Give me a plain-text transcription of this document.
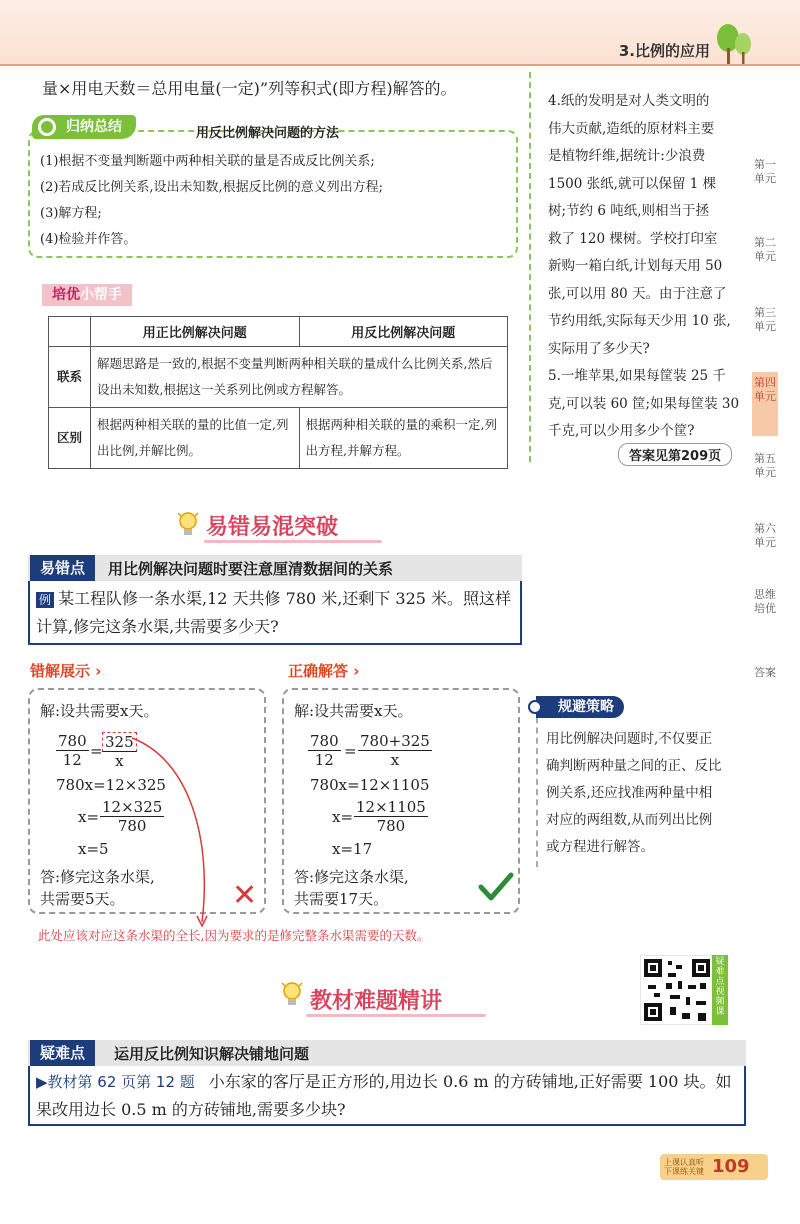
3.比例的应用
量×用电天数＝总用电量(一定)”列等积式(即方程)解答的。
归纳总结	用反比例解决问题的方法
(1)根据不变量判断题中两种相关联的量是否成反比例关系;
(2)若成反比例关系,设出未知数,根据反比例的意义列出方程;
(3)解方程;
(4)检验并作答。
培优小帮手
	用正比例解决问题	用反比例解决问题
联系	解题思路是一致的,根据不变量判断两种相关联的量成什么比例关系,然后设出未知数,根据这一关系列比例或方程解答。	
区别	根据两种相关联的量的比值一定,列出比例,并解比例。	根据两种相关联的量的乘积一定,列出方程,并解方程。
4.纸的发明是对人类文明的
伟大贡献,造纸的原材料主要
是植物纤维,据统计:少浪费
1500 张纸,就可以保留 1 棵
树;节约 6 吨纸,则相当于拯
救了 120 棵树。学校打印室
新购一箱白纸,计划每天用 50
张,可以用 80 天。由于注意了
节约用纸,实际每天少用 10 张,
实际用了多少天?
5.一堆苹果,如果每筐装 25 千
克,可以装 60 筐;如果每筐装 30
千克,可以少用多少个筐?
答案见第209页
第一单元
第二单元
第三单元
第四单元
第五单元
第六单元
思维培优
答案
易错易混突破
易错点	用比例解决问题时要注意厘清数据间的关系
例 某工程队修一条水渠,12 天共修 780 米,还剩下 325 米。照这样计算,修完这条水渠,共需要多少天?
错解展示 ›	正确解答 ›
解:设共需要x天。
$\frac{780}{12} = \frac{325}{x}$
780x=12×325
$x= \frac{12\times 325}{780}$
x=5
答:修完这条水渠,
共需要5天。	✕
解:设共需要x天。
$\frac{780}{12} = \frac{780+325}{x}$
780x=12×1105
$x= \frac{12\times 1105}{780}$
x=17
答:修完这条水渠,
共需要17天。
此处应该对应这条水渠的全长,因为要求的是修完整条水渠需要的天数。
规避策略
用比例解决问题时,不仅要正
确判断两种量之间的正、反比
例关系,还应找准两种量中相
对应的两组数,从而列出比例
或方程进行解答。
教材难题精讲
疑难点视频课
疑难点	运用反比例知识解决铺地问题
▶教材第 62 页第 12 题 小东家的客厅是正方形的,用边长 0.6 m 的方砖铺地,正好需要 100 块。如果改用边长 0.5 m 的方砖铺地,需要多少块?
上课认真听 下课练关键 109
